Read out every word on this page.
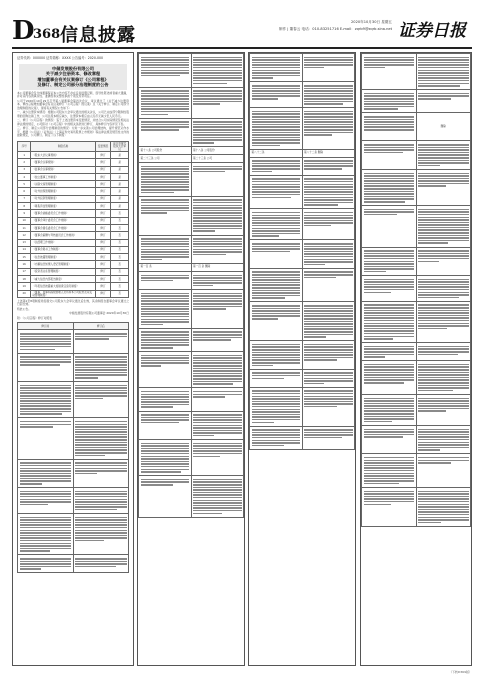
D
368 信息披露
2020年10月30日 星期五
制作 | 董春云 电话：010-83251716 E-mail：zqrb9@zqrb.sina.net 证券日报
证券代码：000000 证券简称：XXXX 公告编号：2020-000
中储发展股份有限公司
关于减少注册资本、修改章程
增加董事会有关议案修订《公司章程》
及修订、制定公司部分治理制度的公告

本公司董事会及全体董事保证本公告内容不存在任何虚假记载、误导性陈述或者重大遗漏，并对其内容的真实性、准确性和完整性承担个别及连带责任。

公司于2020年10月29日召开第八届董事会第四次会议，审议通过了《关于减少注册资本、修改章程增加董事会有关议案修订〈公司章程〉的议案》及《关于修订、制定公司部分治理制度的议案》，现将有关情况公告如下：

一、减少注册资本情况：根据公司股东大会审议通过的相关决议，公司已完成部分限制性股票的回购注销工作，公司总股本相应减少，注册资本相应由人民币元减少至人民币元。

二、修订《公司章程》的情况：鉴于上述注册资本变更情况，并结合公司实际情况及相关法律法规的规定，公司拟对《公司章程》中的相关条款进行修订，具体修订内容详见下表。

三、修订、制定公司部分治理制度的情况：为进一步完善公司治理结构，提升规范运作水平，根据《公司法》《证券法》《上海证券交易所股票上市规则》等法律法规及规范性文件的最新规定，公司修订、制定了以下制度：

序号	制度名称	变更情况	是否需提交股东大会审议
1	《股东大会议事规则》	修订	是
2	《董事会议事规则》	修订	是
3	《监事会议事规则》	修订	是
4	《独立董事工作制度》	修订	是
5	《关联交易管理制度》	修订	是
6	《对外担保管理制度》	修订	是
7	《对外投资管理制度》	修订	是
8	《募集资金管理制度》	修订	是
9	《董事会战略委员会工作细则》	修订	否
10	《董事会审计委员会工作细则》	修订	否
11	《董事会提名委员会工作细则》	修订	否
12	《董事会薪酬与考核委员会工作细则》	修订	否
13	《总经理工作细则》	修订	否
14	《董事会秘书工作制度》	修订	否
15	《信息披露管理制度》	修订	否
16	《内幕信息知情人登记管理制度》	修订	否
17	《投资者关系管理制度》	修订	否
18	《重大信息内部报告制度》	修订	否
19	《年报信息披露重大差错责任追究制度》	修订	否
20	《董事、监事和高级管理人员所持本公司股份及其变动管理制度》	修订	否

上述第1至8项制度尚需提交公司股东大会审议通过后生效，其余制度自董事会审议通过之日起生效。

特此公告。

中储发展股份有限公司董事会 2020年10月30日

附：《公司章程》修订对照表

修订前	修订后

第十八条 公司股份	第十八条 公司股份
第二十三条 公司	第二十三条 公司

第一百 条	第一百 条 删除

第八十二条	第八十二条 删除

	删除

（下转D369版）
